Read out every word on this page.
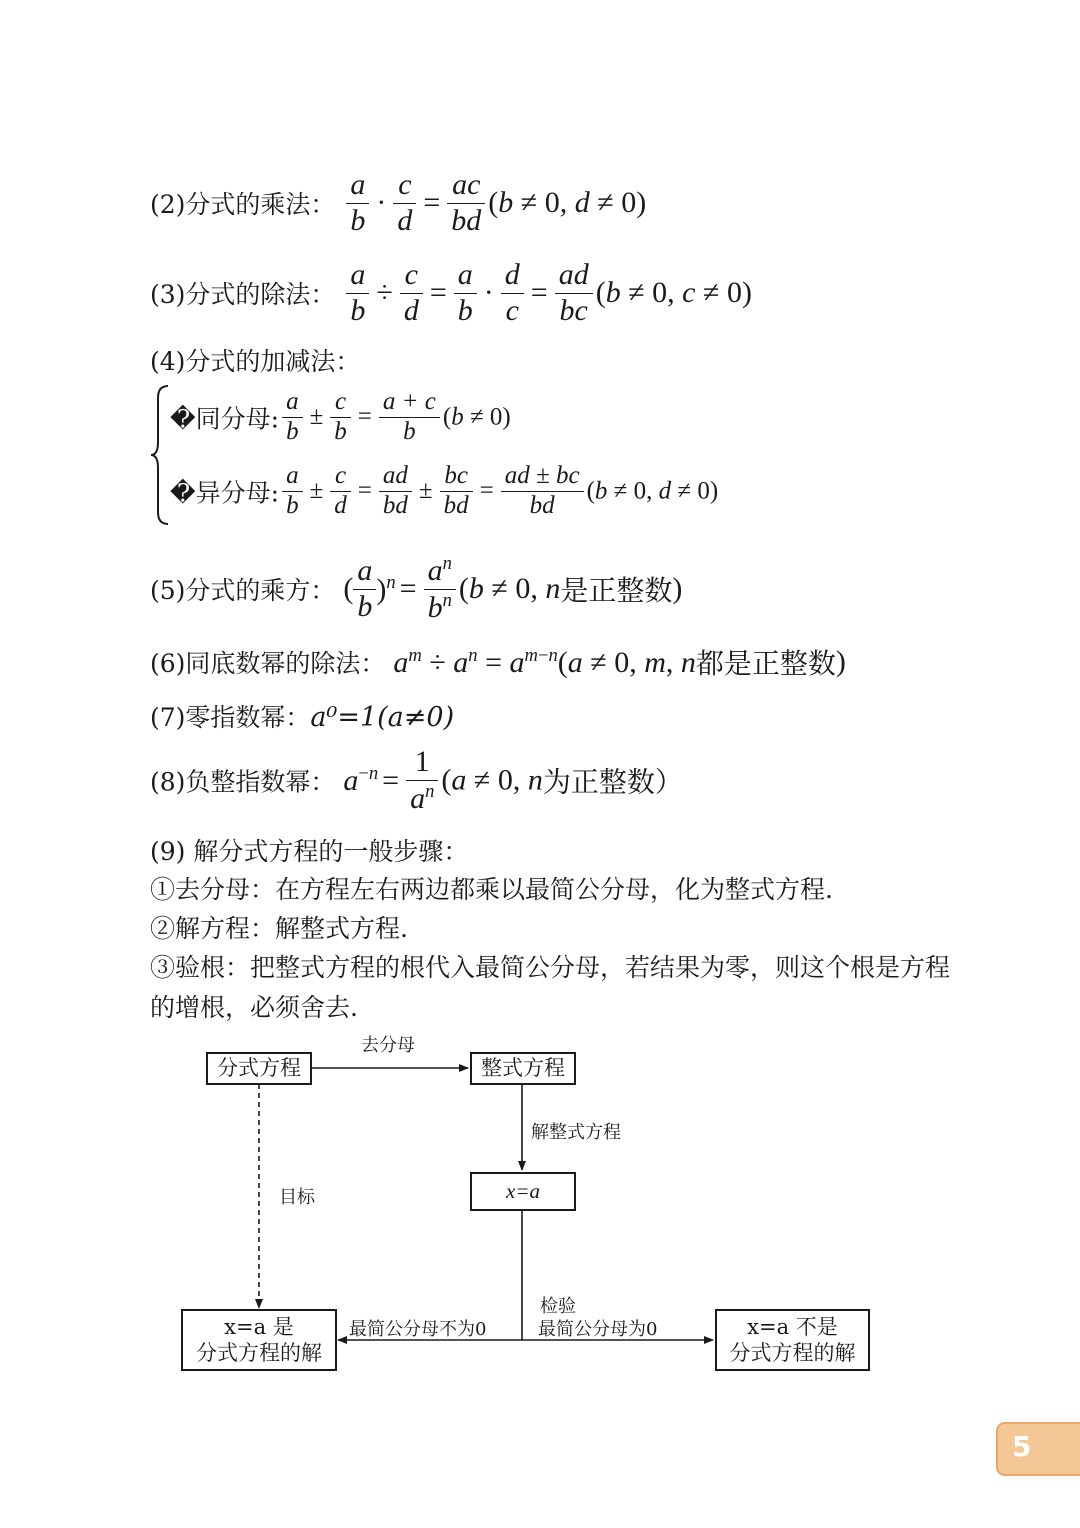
(2)分式的乘法： $\frac{a}{b} \cdot \frac{c}{d} = \frac{ac}{bd} (b \ne 0$, d ≠ 0)
(3)分式的除法： $\frac{a}{b} \div \frac{c}{d} = \frac{a}{b} \cdot \frac{d}{c} = \frac{ad}{bc} (b \ne 0$, c ≠ 0)
(4)分式的加减法：
�同分母: $\frac{a}{b} \pm \frac{c}{b} = \frac{a + c}{b} (b \ne 0)$
�异分母: $\frac{a}{b} \pm \frac{c}{d} = \frac{ad}{bd} \pm \frac{bc}{bd} = \frac{ad \pm bc}{bd} (b \ne 0$, d ≠ 0)
(5)分式的乘方： ( $\frac{a}{b} )^n = \frac{a^n}{b^n} (b \ne 0$, n是正整数)
(6)同底数幂的除法： $a^m \div a^n = a^{m-n}(a \ne 0$, m, n都是正整数)
(7)零指数幂：a⁰=1(a≠0)
(8)负整指数幂： $a^{-n} = \frac{1}{a^n} (a \ne 0$, n为正整数）
(9) 解分式方程的一般步骤：
①去分母：在方程左右两边都乘以最简公分母，化为整式方程.
②解方程：解整式方程.
③验根：把整式方程的根代入最简公分母，若结果为零，则这个根是方程
的增根，必须舍去.
分式方程	整式方程
x=a
x=a 是
分式方程的解
x=a 不是
分式方程的解
去分母
解整式方程
目标
检验
最简公分母不为0	最简公分母为0
5
